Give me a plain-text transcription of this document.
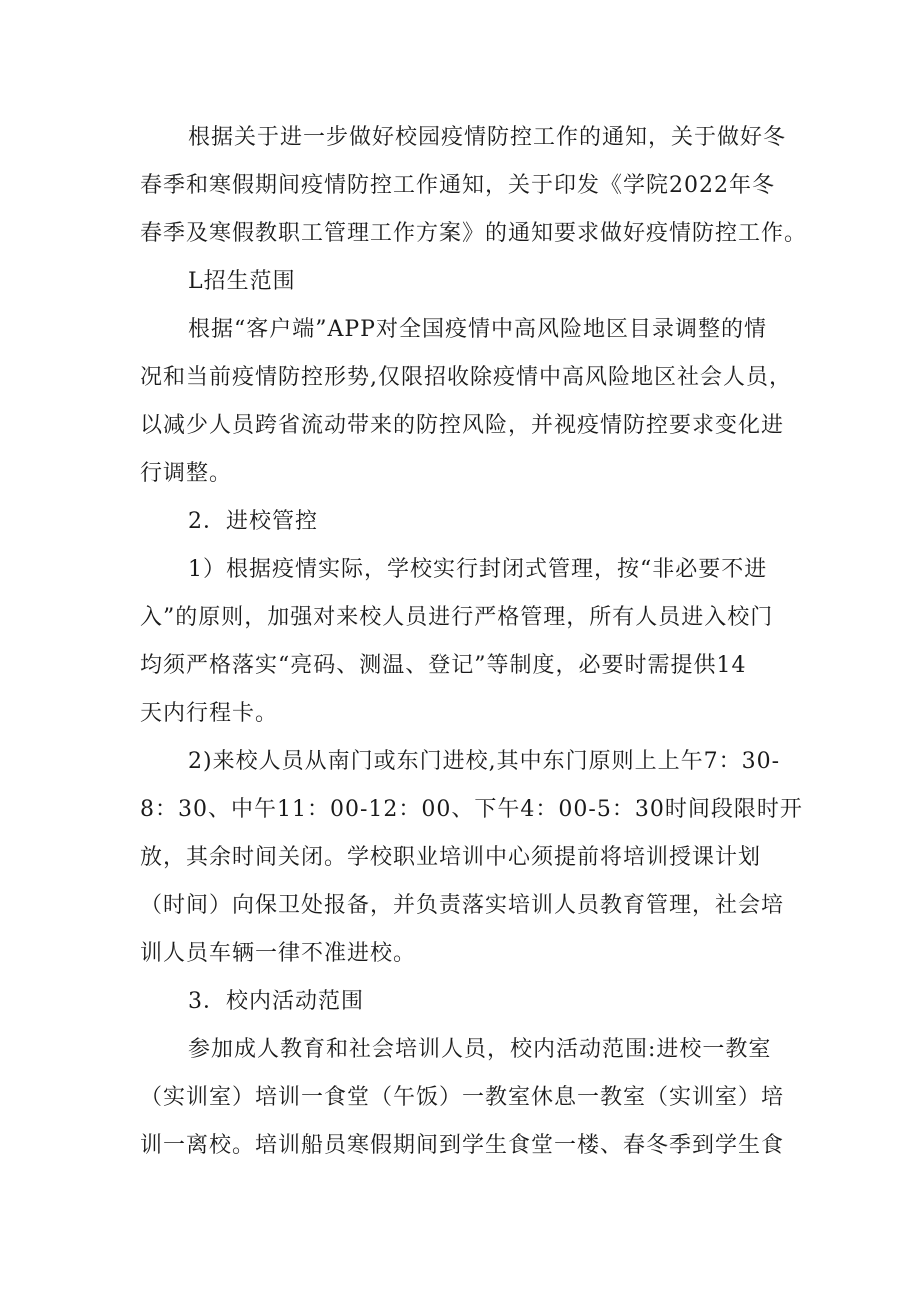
根据关于进一步做好校园疫情防控工作的通知，关于做好冬

春季和寒假期间疫情防控工作通知，关于印发《学院2022年冬

春季及寒假教职工管理工作方案》的通知要求做好疫情防控工作。

L招生范围

根据“客户端”APP对全国疫情中高风险地区目录调整的情

况和当前疫情防控形势,仅限招收除疫情中高风险地区社会人员，

以减少人员跨省流动带来的防控风险，并视疫情防控要求变化进

行调整。

2．进校管控

1）根据疫情实际，学校实行封闭式管理，按“非必要不进

入”的原则，加强对来校人员进行严格管理，所有人员进入校门

均须严格落实“亮码、测温、登记”等制度，必要时需提供14

天内行程卡。

2)来校人员从南门或东门进校,其中东门原则上上午7：30-

8：30、中午11：00-12：00、下午4：00-5：30时间段限时开

放，其余时间关闭。学校职业培训中心须提前将培训授课计划

（时间）向保卫处报备，并负责落实培训人员教育管理，社会培

训人员车辆一律不准进校。

3．校内活动范围

参加成人教育和社会培训人员，校内活动范围:进校一教室

（实训室）培训一食堂（午饭）一教室休息一教室（实训室）培

训一离校。培训船员寒假期间到学生食堂一楼、春冬季到学生食
